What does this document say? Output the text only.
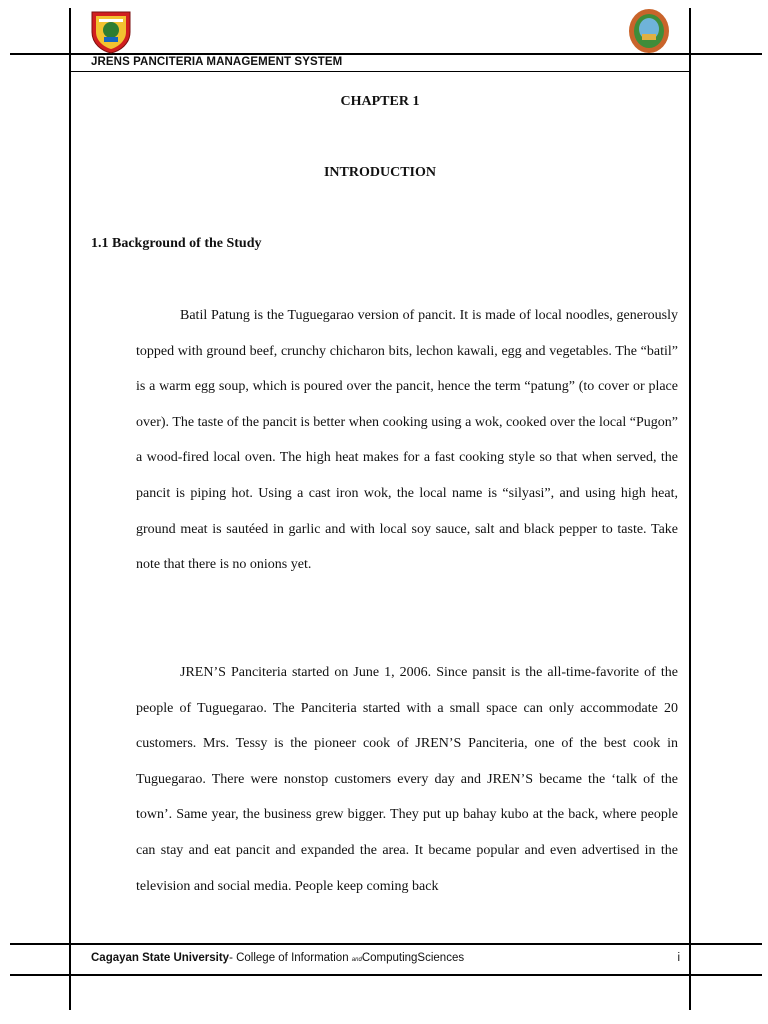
JRENS PANCITERIA MANAGEMENT SYSTEM
CHAPTER 1
INTRODUCTION
1.1 Background of the Study

Batil Patung is the Tuguegarao version of pancit. It is made of local noodles, generously topped with ground beef, crunchy chicharon bits, lechon kawali, egg and vegetables. The “batil” is a warm egg soup, which is poured over the pancit, hence the term “patung” (to cover or place over). The taste of the pancit is better when cooking using a wok, cooked over the local “Pugon” a wood-fired local oven. The high heat makes for a fast cooking style so that when served, the pancit is piping hot. Using a cast iron wok, the local name is “silyasi”, and using high heat, ground meat is sautéed in garlic and with local soy sauce, salt and black pepper to taste. Take note that there is no onions yet.

JREN’S Panciteria started on June 1, 2006. Since pansit is the all-time-favorite of the people of Tuguegarao. The Panciteria started with a small space can only accommodate 20 customers. Mrs. Tessy is the pioneer cook of JREN’S Panciteria, one of the best cook in Tuguegarao. There were nonstop customers every day and JREN’S became the ‘talk of the town’. Same year, the business grew bigger. They put up bahay kubo at the back, where people can stay and eat pancit and expanded the area. It became popular and even advertised in the television and social media. People keep coming back

Cagayan State University- College of Information andComputingSciences	i
